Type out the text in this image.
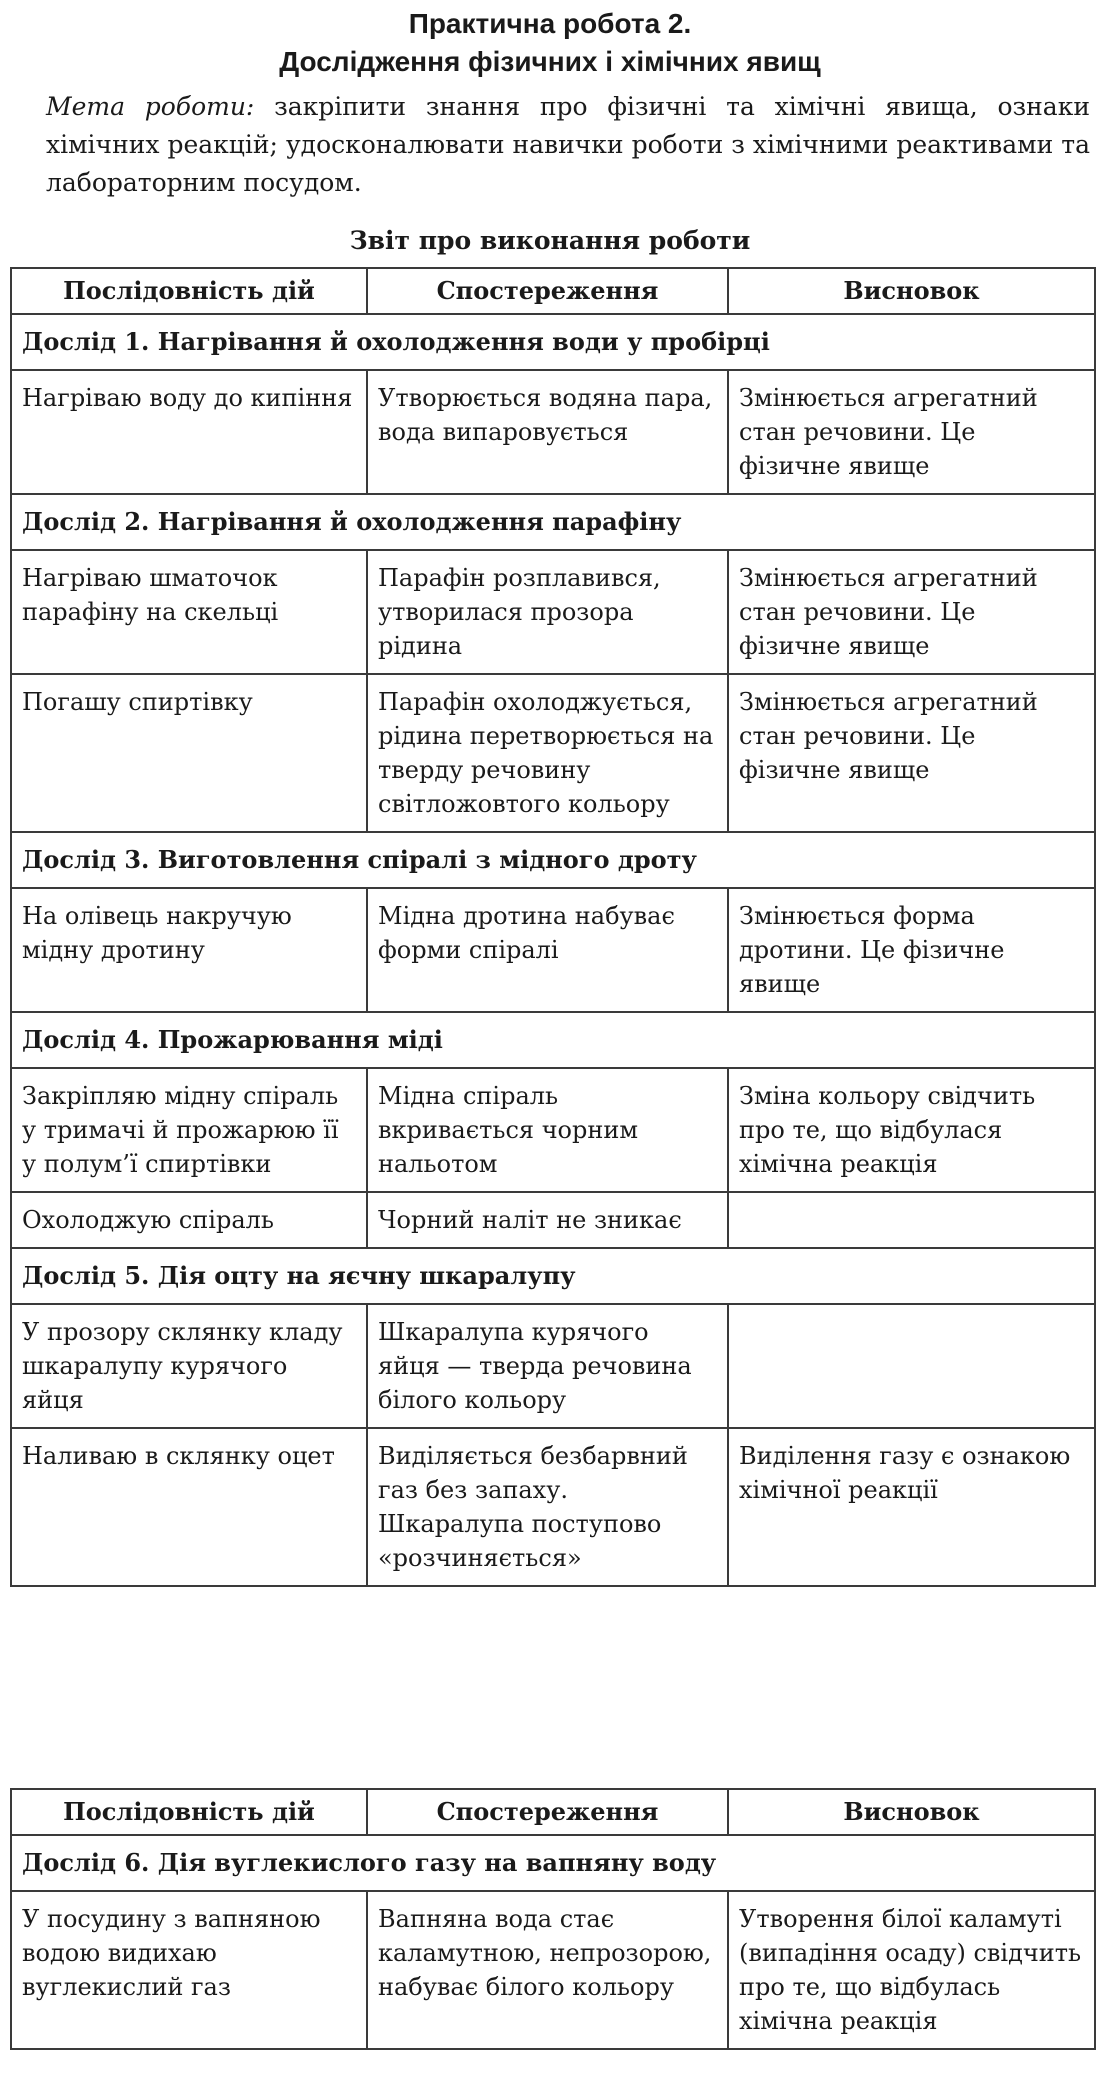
Практична робота 2.
Дослідження фізичних і хімічних явищ
Мета роботи: закріпити знання про фізичні та хімічні явища, ознаки хімічних реакцій; удосконалювати навички роботи з хімічними реактивами та лабораторним посудом.
Звіт про виконання роботи
Послідовність дій	Спостереження	Висновок
Дослід 1. Нагрівання й охолодження води у пробірці		
Нагріваю воду до кипіння	Утворюється водяна пара, вода випаровується	Змінюється агрегатний стан речовини. Це фізичне явище
Дослід 2. Нагрівання й охолодження парафіну		
Нагріваю шматочок парафіну на скельці	Парафін розплавився, утворилася прозора рідина	Змінюється агрегатний стан речовини. Це фізичне явище
Погашу спиртівку	Парафін охолоджується, рідина перетворюється на тверду речовину світложовтого кольору	Змінюється агрегатний стан речовини. Це фізичне явище
Дослід 3. Виготовлення спіралі з мідного дроту		
На олівець накручую мідну дротину	Мідна дротина набуває форми спіралі	Змінюється форма дротини. Це фізичне явище
Дослід 4. Прожарювання міді		
Закріпляю мідну спіраль у тримачі й прожарюю її у полум’ї спиртівки	Мідна спіраль вкривається чорним нальотом	Зміна кольору свідчить про те, що відбулася хімічна реакція
Охолоджую спіраль	Чорний наліт не зникає	
Дослід 5. Дія оцту на яєчну шкаралупу		
У прозору склянку кладу шкаралупу курячого яйця	Шкаралупа курячого яйця — тверда речовина білого кольору	
Наливаю в склянку оцет	Виділяється безбарвний газ без запаху. Шкаралупа поступово «розчиняється»	Виділення газу є ознакою хімічної реакції
Послідовність дій	Спостереження	Висновок
Дослід 6. Дія вуглекислого газу на вапняну воду		
У посудину з вапняною водою видихаю вуглекислий газ	Вапняна вода стає каламутною, непрозорою, набуває білого кольору	Утворення білої каламуті (випадіння осаду) свідчить про те, що відбулась хімічна реакція
